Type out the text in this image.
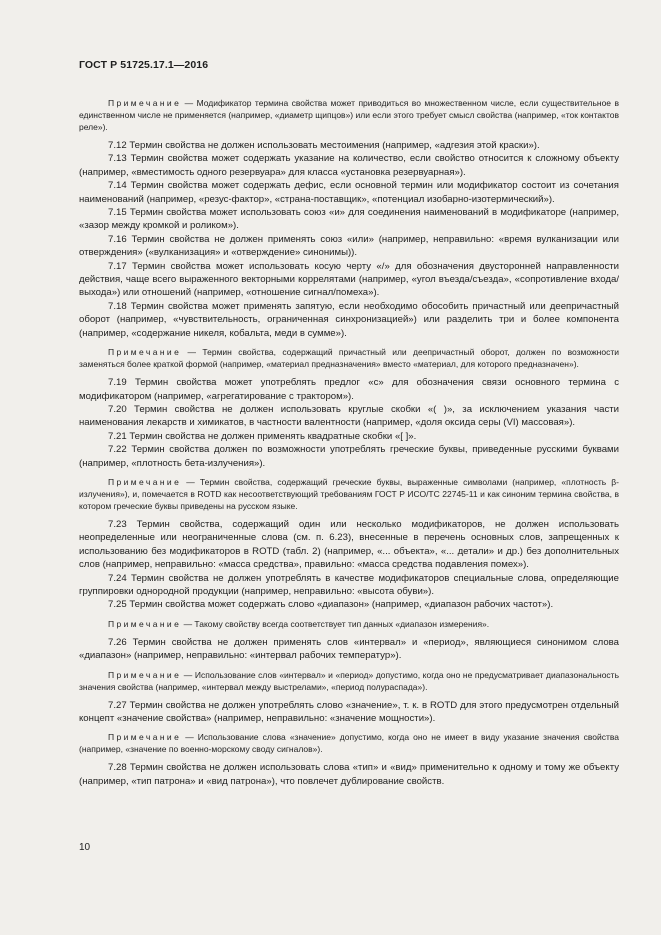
ГОСТ Р 51725.17.1—2016

Примечание — Модификатор термина свойства может приводиться во множественном числе, если существительное в единственном числе не применяется (например, «диаметр щипцов») или если этого требует смысл свойства (например, «ток контактов реле»).

7.12 Термин свойства не должен использовать местоимения (например, «адгезия этой краски»).

7.13 Термин свойства может содержать указание на количество, если свойство относится к сложному объекту (например, «вместимость одного резервуара» для класса «установка резервуарная»).

7.14 Термин свойства может содержать дефис, если основной термин или модификатор состоит из сочетания наименований (например, «резус-фактор», «страна-поставщик», «потенциал изобарно-изотермический»).

7.15 Термин свойства может использовать союз «и» для соединения наименований в модификаторе (например, «зазор между кромкой и роликом»).

7.16 Термин свойства не должен применять союз «или» (например, неправильно: «время вулканизации или отверждения» («вулканизация» и «отверждение» синонимы)).

7.17 Термин свойства может использовать косую черту «/» для обозначения двусторонней направленности действия, чаще всего выраженного векторными коррелятами (например, «угол въезда/съезда», «сопротивление входа/выхода») или отношений (например, «отношение сигнал/помеха»).

7.18 Термин свойства может применять запятую, если необходимо обособить причастный или деепричастный оборот (например, «чувствительность, ограниченная синхронизацией») или разделить три и более компонента (например, «содержание никеля, кобальта, меди в сумме»).

Примечание — Термин свойства, содержащий причастный или деепричастный оборот, должен по возможности заменяться более краткой формой (например, «материал предназначения» вместо «материал, для которого предназначен»).

7.19 Термин свойства может употреблять предлог «с» для обозначения связи основного термина с модификатором (например, «агрегатирование с трактором»).

7.20 Термин свойства не должен использовать круглые скобки «( )», за исключением указания части наименования лекарств и химикатов, в частности валентности (например, «доля оксида серы (VI) массовая»).

7.21 Термин свойства не должен применять квадратные скобки «[ ]».

7.22 Термин свойства должен по возможности употреблять греческие буквы, приведенные русскими буквами (например, «плотность бета-излучения»).

Примечание — Термин свойства, содержащий греческие буквы, выраженные символами (например, «плотность β-излучения»), и, помечается в ROTD как несоответствующий требованиям ГОСТ Р ИСО/ТС 22745-11 и как синоним термина свойства, в котором греческие буквы приведены на русском языке.

7.23 Термин свойства, содержащий один или несколько модификаторов, не должен использовать неопределенные или неограниченные слова (см. п. 6.23), внесенные в перечень основных слов, запрещенных к использованию без модификаторов в ROTD (табл. 2) (например, «... объекта», «... детали» и др.) без дополнительных слов (например, неправильно: «масса средства», правильно: «масса средства подавления помех»).

7.24 Термин свойства не должен употреблять в качестве модификаторов специальные слова, определяющие группировки однородной продукции (например, неправильно: «высота обуви»).

7.25 Термин свойства может содержать слово «диапазон» (например, «диапазон рабочих частот»).

Примечание — Такому свойству всегда соответствует тип данных «диапазон измерения».

7.26 Термин свойства не должен применять слов «интервал» и «период», являющиеся синонимом слова «диапазон» (например, неправильно: «интервал рабочих температур»).

Примечание — Использование слов «интервал» и «период» допустимо, когда оно не предусматривает диапазональность значения свойства (например, «интервал между выстрелами», «период полураспада»).

7.27 Термин свойства не должен употреблять слово «значение», т. к. в ROTD для этого предусмотрен отдельный концепт «значение свойства» (например, неправильно: «значение мощности»).

Примечание — Использование слова «значение» допустимо, когда оно не имеет в виду указание значения свойства (например, «значение по военно-морскому своду сигналов»).

7.28 Термин свойства не должен использовать слова «тип» и «вид» применительно к одному и тому же объекту (например, «тип патрона» и «вид патрона»), что повлечет дублирование свойств.

10
